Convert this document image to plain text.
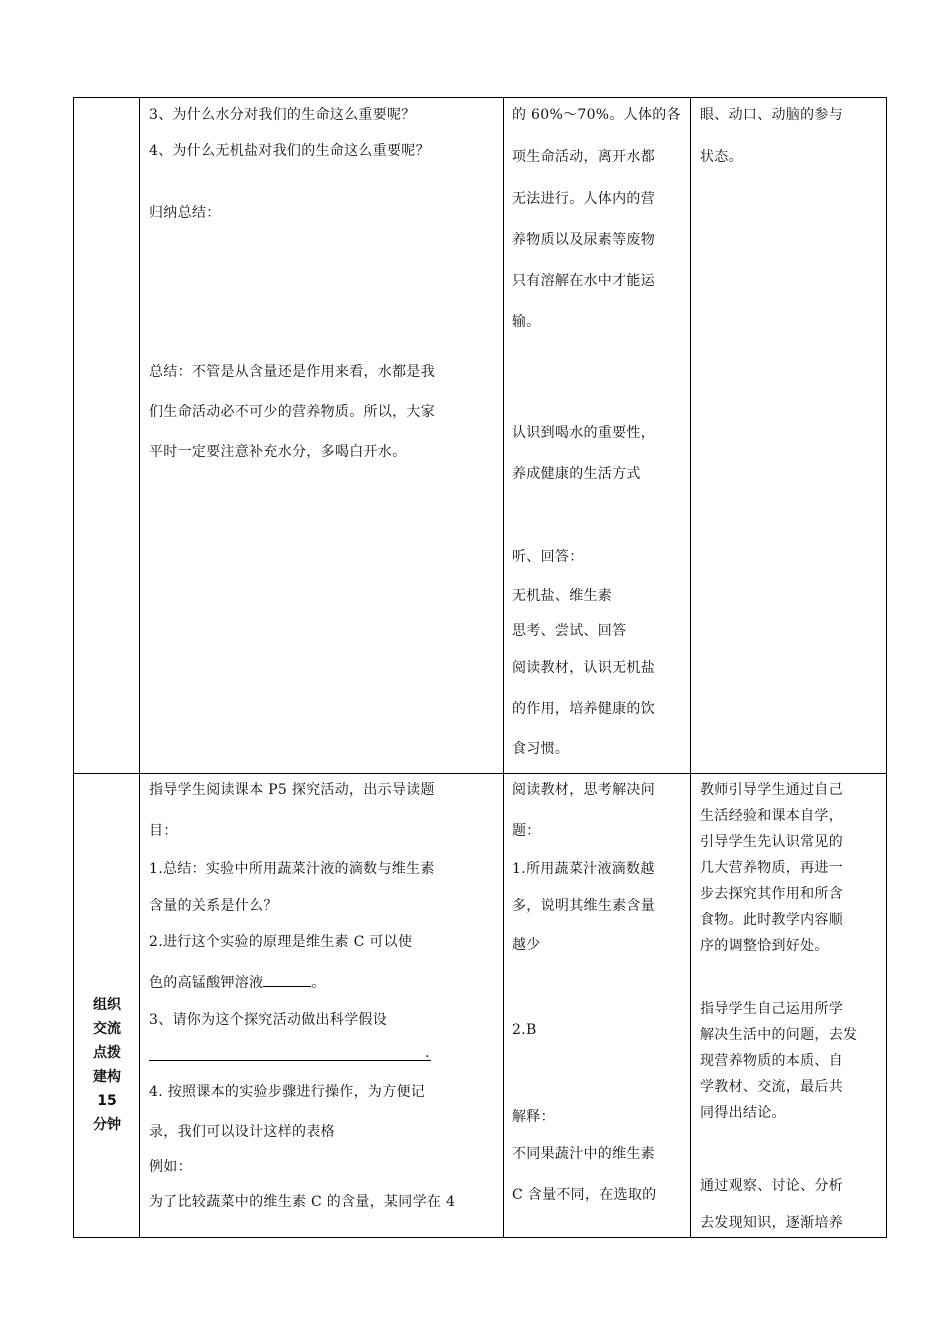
3、为什么水分对我们的生命这么重要呢？
4、为什么无机盐对我们的生命这么重要呢？
归纳总结：
总结：不管是从含量还是作用来看，水都是我
们生命活动必不可少的营养物质。所以，大家
平时一定要注意补充水分，多喝白开水。
的 60%～70%。人体的各
项生命活动，离开水都
无法进行。人体内的营
养物质以及尿素等废物
只有溶解在水中才能运
输。
认识到喝水的重要性，
养成健康的生活方式
听、回答：
无机盐、维生素
思考、尝试、回答
阅读教材，认识无机盐
的作用，培养健康的饮
食习惯。
眼、动口、动脑的参与
状态。
组织
交流
点拨
建构
15
分钟
指导学生阅读课本 P5 探究活动，出示导读题
目：
1.总结：实验中所用蔬菜汁液的滴数与维生素
含量的关系是什么？
2.进行这个实验的原理是维生素 C 可以使
色的高锰酸钾溶液	。
3、请你为这个探究活动做出科学假设
.
4. 按照课本的实验步骤进行操作，为方便记
录，我们可以设计这样的表格
例如：
为了比较蔬菜中的维生素 C 的含量，某同学在 4
阅读教材，思考解决问
题：
1.所用蔬菜汁液滴数越
多，说明其维生素含量
越少
2.B
解释：
不同果蔬汁中的维生素
C 含量不同，在选取的
教师引导学生通过自己
生活经验和课本自学，
引导学生先认识常见的
几大营养物质，再进一
步去探究其作用和所含
食物。此时教学内容顺
序的调整恰到好处。
指导学生自己运用所学
解决生活中的问题，去发
现营养物质的本质、自
学教材、交流，最后共
同得出结论。
通过观察、讨论、分析
去发现知识，逐渐培养
